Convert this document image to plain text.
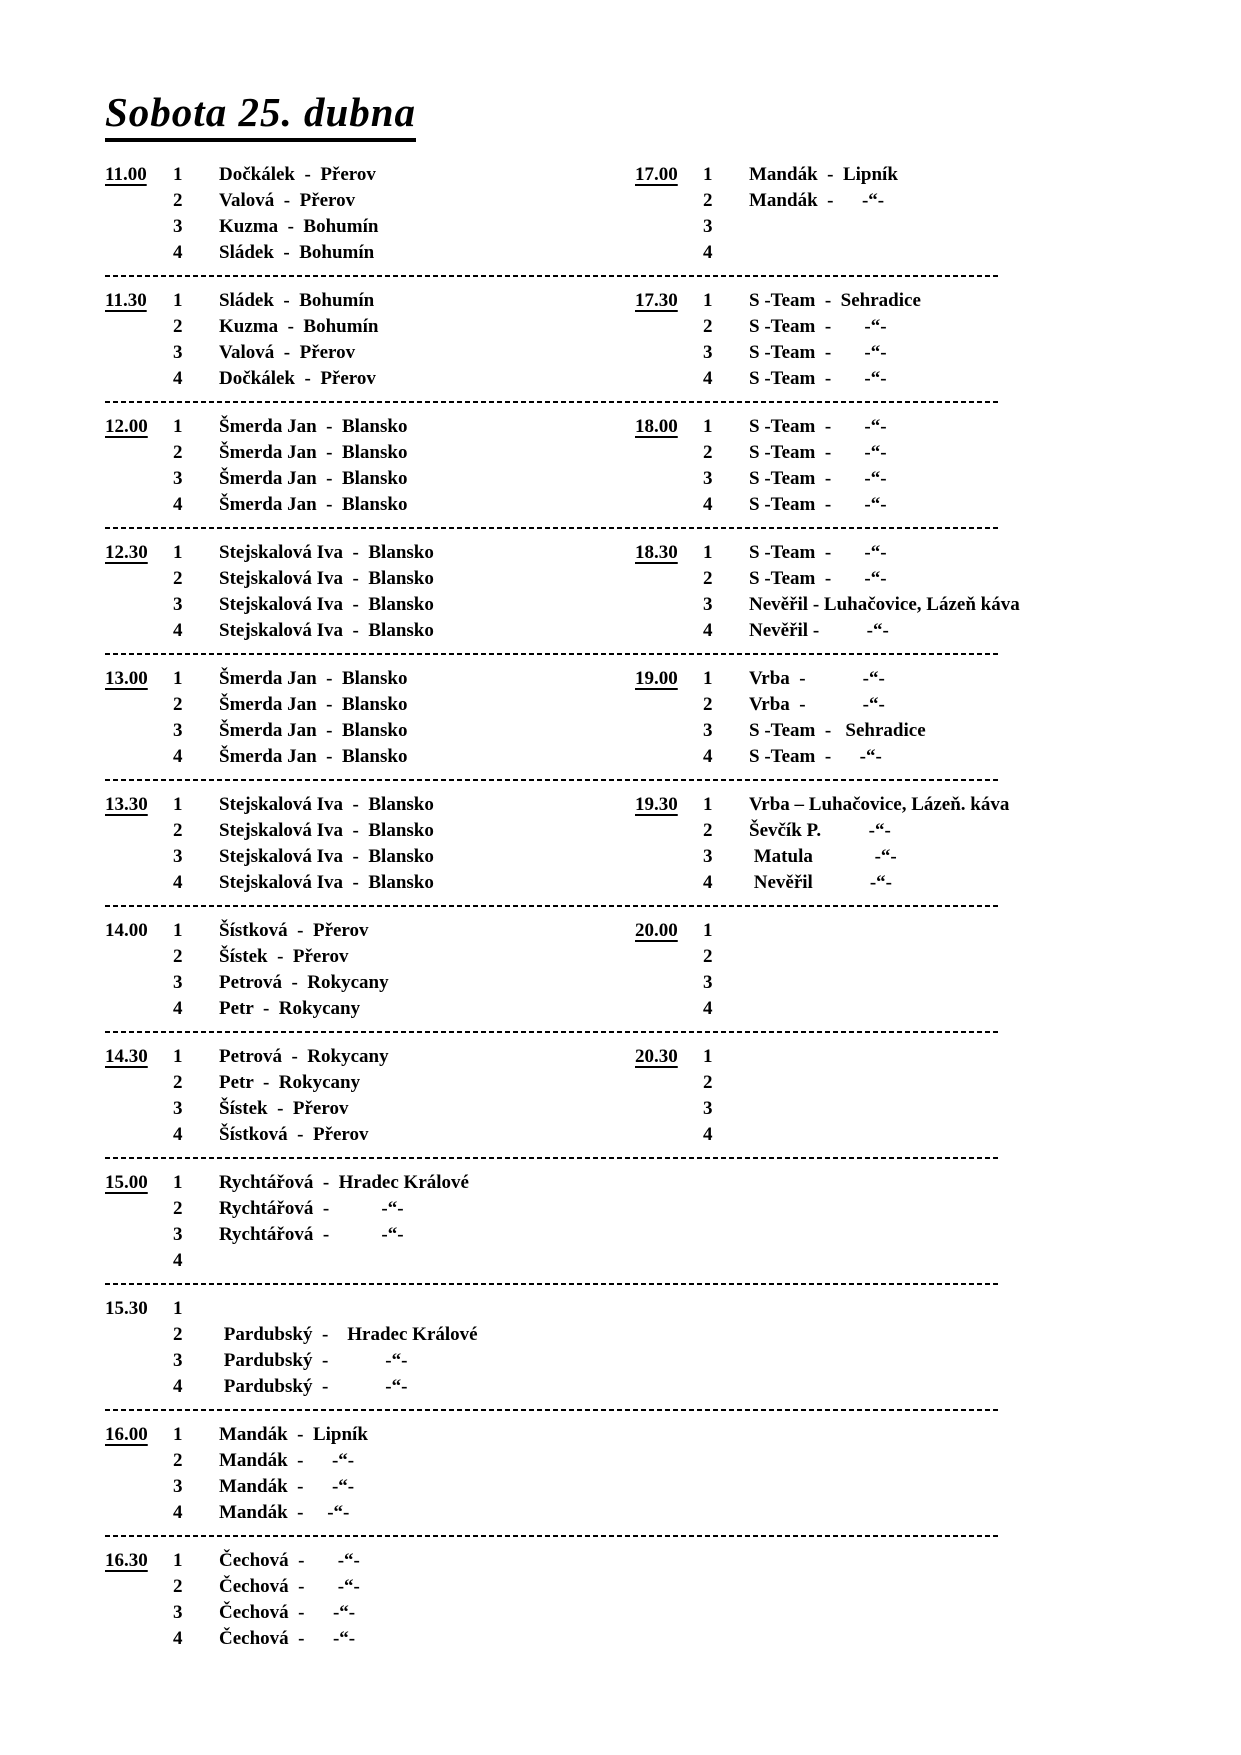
Sobota 25. dubna
11.00	1	Dočkálek  -  Přerov
2	Valová  -  Přerov
3	Kuzma  -  Bohumín
4	Sládek  -  Bohumín
17.00	1	Mandák  -  Lipník
2	Mandák  -      -“-
3
4
11.30	1	Sládek  -  Bohumín
2	Kuzma  -  Bohumín
3	Valová  -  Přerov
4	Dočkálek  -  Přerov
17.30	1	S -Team  -  Sehradice
2	S -Team  -       -“-
3	S -Team  -       -“-
4	S -Team  -       -“-
12.00	1	Šmerda Jan  -  Blansko
2	Šmerda Jan  -  Blansko
3	Šmerda Jan  -  Blansko
4	Šmerda Jan  -  Blansko
18.00	1	S -Team  -       -“-
2	S -Team  -       -“-
3	S -Team  -       -“-
4	S -Team  -       -“-
12.30	1	Stejskalová Iva  -  Blansko
2	Stejskalová Iva  -  Blansko
3	Stejskalová Iva  -  Blansko
4	Stejskalová Iva  -  Blansko
18.30	1	S -Team  -       -“-
2	S -Team  -       -“-
3	Nevěřil - Luhačovice, Lázeň káva
4	Nevěřil -          -“-
13.00	1	Šmerda Jan  -  Blansko
2	Šmerda Jan  -  Blansko
3	Šmerda Jan  -  Blansko
4	Šmerda Jan  -  Blansko
19.00	1	Vrba  -            -“-
2	Vrba  -            -“-
3	S -Team  -   Sehradice
4	S -Team  -      -“-
13.30	1	Stejskalová Iva  -  Blansko
2	Stejskalová Iva  -  Blansko
3	Stejskalová Iva  -  Blansko
4	Stejskalová Iva  -  Blansko
19.30	1	Vrba – Luhačovice, Lázeň. káva
2	Ševčík P.          -“-
3	Matula             -“-
4	Nevěřil            -“-
14.00	1	Šístková  -  Přerov
2	Šístek  -  Přerov
3	Petrová  -  Rokycany
4	Petr  -  Rokycany
20.00	1
2
3
4
14.30	1	Petrová  -  Rokycany
2	Petr  -  Rokycany
3	Šístek  -  Přerov
4	Šístková  -  Přerov
20.30	1
2
3
4
15.00	1	Rychtářová  -  Hradec Králové
2	Rychtářová  -           -“-
3	Rychtářová  -           -“-
4
15.30	1
2	Pardubský  -    Hradec Králové
3	Pardubský  -            -“-
4	Pardubský  -            -“-
16.00	1	Mandák  -  Lipník
2	Mandák  -      -“-
3	Mandák  -      -“-
4	Mandák  -     -“-
16.30	1	Čechová  -       -“-
2	Čechová  -       -“-
3	Čechová  -      -“-
4	Čechová  -      -“-
